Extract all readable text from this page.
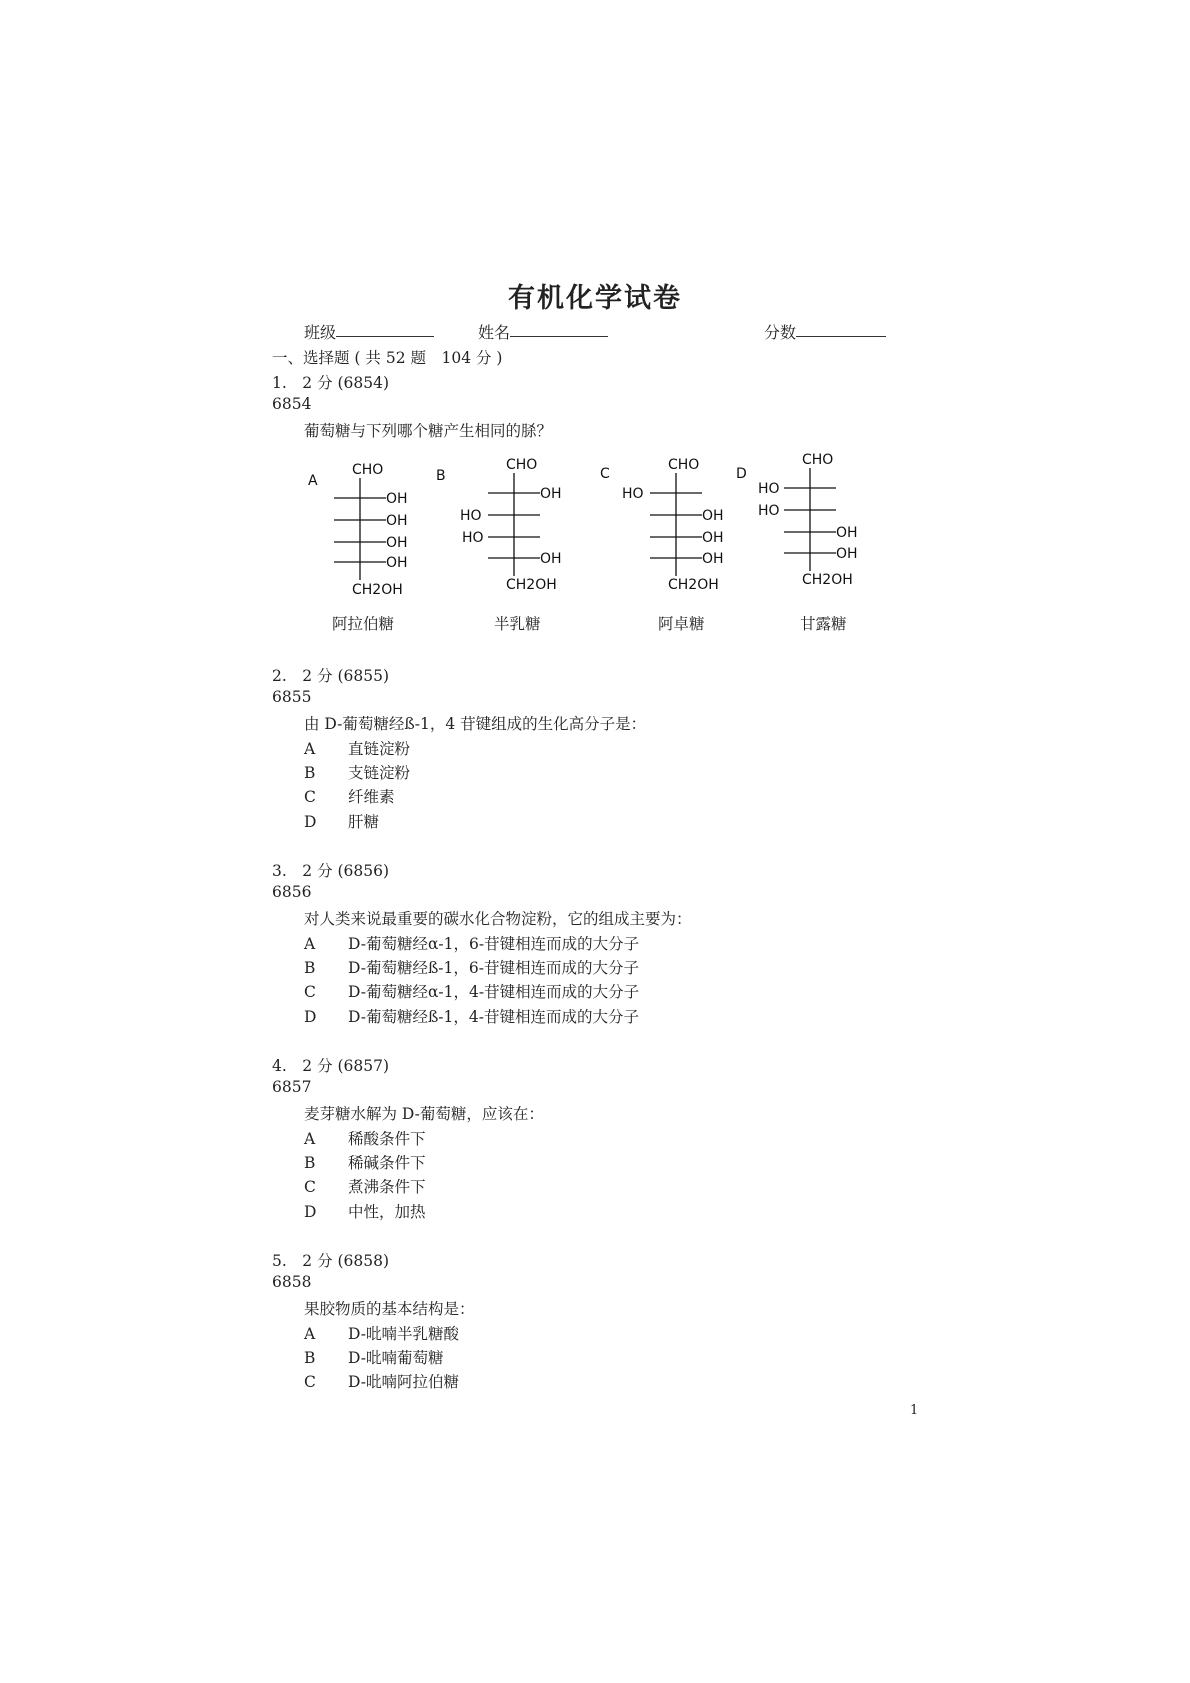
有机化学试卷
班级	姓名	分数
一、选择题 ( 共 52 题　104 分 )
1.　2 分 (6854)
6854
葡萄糖与下列哪个糖产生相同的脎？
A
CHO
OH
OH
OH
OH
CH2OH
B
CHO
OH
HO
HO
OH
CH2OH
C
CHO
HO
OH
OH
OH
CH2OH
D
CHO
HO
HO
OH
OH
CH2OH
阿拉伯糖	半乳糖	阿卓糖	甘露糖
2.　2 分 (6855)
6855
由 D-葡萄糖经ß-1，4 苷键组成的生化高分子是：
A 直链淀粉
B 支链淀粉
C 纤维素
D 肝糖
3.　2 分 (6856)
6856
对人类来说最重要的碳水化合物淀粉，它的组成主要为：
A D-葡萄糖经α-1，6-苷键相连而成的大分子
B D-葡萄糖经ß-1，6-苷键相连而成的大分子
C D-葡萄糖经α-1，4-苷键相连而成的大分子
D D-葡萄糖经ß-1，4-苷键相连而成的大分子
4.　2 分 (6857)
6857
麦芽糖水解为 D-葡萄糖，应该在：
A 稀酸条件下
B 稀碱条件下
C 煮沸条件下
D 中性，加热
5.　2 分 (6858)
6858
果胶物质的基本结构是：
A D-吡喃半乳糖酸
B D-吡喃葡萄糖
C D-吡喃阿拉伯糖
1
